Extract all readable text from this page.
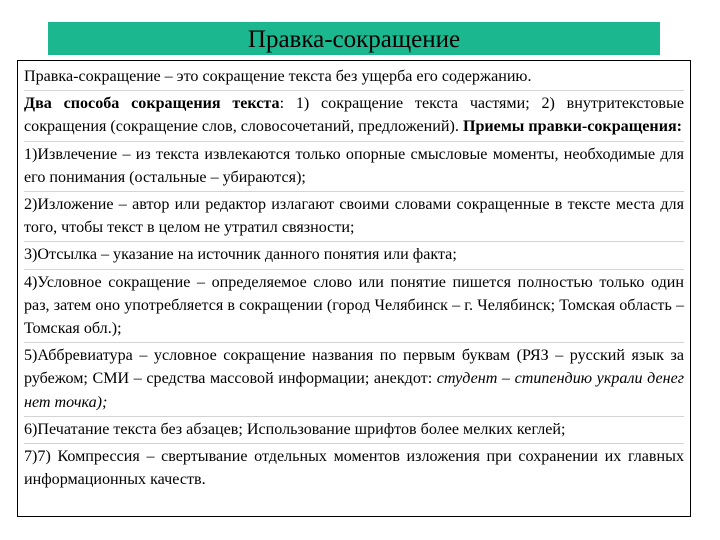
Правка-сокращение

Правка-сокращение – это сокращение текста без ущерба его содержанию.

Два способа сокращения текста: 1) сокращение текста частями; 2) внутритекстовые сокращения (сокращение слов, словосочетаний, предложений). Приемы правки-сокращения:

1)Извлечение – из текста извлекаются только опорные смысловые моменты, необходимые для его понимания (остальные – убираются);

2)Изложение – автор или редактор излагают своими словами сокращенные в тексте места для того, чтобы текст в целом не утратил связности;

3)Отсылка – указание на источник данного понятия или факта;

4)Условное сокращение – определяемое слово или понятие пишется полностью только один раз, затем оно употребляется в сокращении (город Челябинск – г. Челябинск; Томская область – Томская обл.);

5)Аббревиатура – условное сокращение названия по первым буквам (РЯЗ – русский язык за рубежом; СМИ – средства массовой информации; анекдот: студент – стипендию украли денег нет точка);

6)Печатание текста без абзацев; Использование шрифтов более мелких кеглей;

7)7) Компрессия – свертывание отдельных моментов изложения при сохранении их главных информационных качеств.
